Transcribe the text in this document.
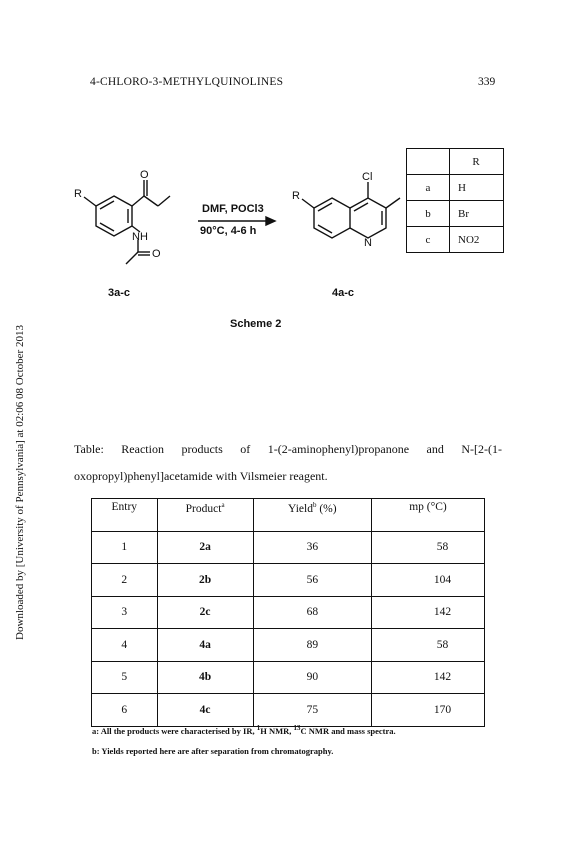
4-CHLORO-3-METHYLQUINOLINES	339
Downloaded by [University of Pennsylvania] at 02:06 08 October 2013
R
O
NH
O
R
Cl
N
DMF, POCl3
90°C, 4-6 h
3a-c	4a-c
Scheme 2
	R
a	H
b	Br
c	NO2
Table: Reaction products of 1-(2-aminophenyl)propanone and N-[2-(1-oxopropyl)phenyl]acetamide with Vilsmeier reagent.
Entry	Product$^a$	Yield$^b$ (%)	mp (°C)
1	2a	36	58
2	2b	56	104
3	2c	68	142
4	4a	89	58
5	4b	90	142
6	4c	75	170
a: All the products were characterised by IR, $^1$H NMR, $^{13}$C NMR and mass spectra.
b: Yields reported here are after separation from chromatography.
